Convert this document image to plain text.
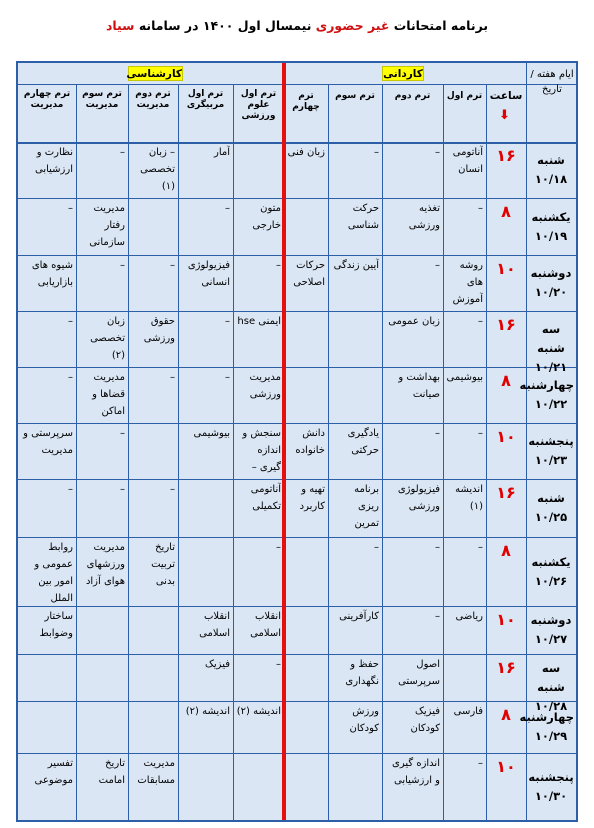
برنامه امتحانات غیر حضوری نیمسال اول ۱۴۰۰ در سامانه سیاد
کاردانی
کارشناسی	ایام هفته / تاریخ
ساعت
⬇
ترم اول
ترم دوم
ترم سوم
ترم چهارم
ترم اول علوم ورزشی
ترم اول مربیگری
ترم دوم مدیریت
ترم سوم مدیریت
ترم چهارم مدیریت
شنبه
۱۰/۱۸
۱۶
آناتومی انسان
–
–
زبان فنی
آمار
– زبان تخصصی (۱)
–
نظارت و ارزشیابی
یکشنبه
۱۰/۱۹
۸
–
تغذیه ورزشی
حرکت شناسی
متون خارجی
–
مدیریت رفتار سازمانی
–
دوشنبه
۱۰/۲۰
۱۰
روشه های آموزش
–
آیین زندگی
حرکات اصلاحی
–
فیزیولوژی انسانی
–
–
شیوه های بازاریابی
سه شنبه
۱۰/۲۱
۱۶
–
زبان عمومی
ایمنی hse
–
حقوق ورزشی
زبان تخصصی (۲)
–
چهارشنبه
۱۰/۲۲
۸
بیوشیمی
بهداشت و صیانت
مدیریت ورزشی
–
–
مدیریت قضاها و اماکن
–
پنجشنبه
۱۰/۲۳
۱۰
–
–
یادگیری حرکتی
دانش خانواده
سنجش و اندازه گیری –
بیوشیمی
–
سرپرستی و مدیریت
شنبه
۱۰/۲۵
۱۶
اندیشه (۱)
فیزیولوژی ورزشی
برنامه ریزی تمرین
تهیه و کاربرد
آناتومی تکمیلی
–
–
–
یکشنبه
۱۰/۲۶
۸
–
–
–
–
تاریخ تربیت بدنی
مدیریت ورزشهای هوای آزاد
روابط عمومی و امور بین الملل
دوشنبه
۱۰/۲۷
۱۰
ریاضی
–
کارآفرینی
انقلاب اسلامی
انقلاب اسلامی
ساختار وضوابط
سه شنبه
۱۰/۲۸
۱۶
اصول سرپرستی
حفظ و نگهداری
–
فیزیک
چهارشنبه
۱۰/۲۹
۸
فارسی
فیزیک کودکان
ورزش کودکان
اندیشه (۲)
اندیشه (۲)
پنجشنبه
۱۰/۳۰
۱۰
–
اندازه گیری و ارزشیابی
مدیریت مسابقات
تاریخ امامت
تفسیر موضوعی
